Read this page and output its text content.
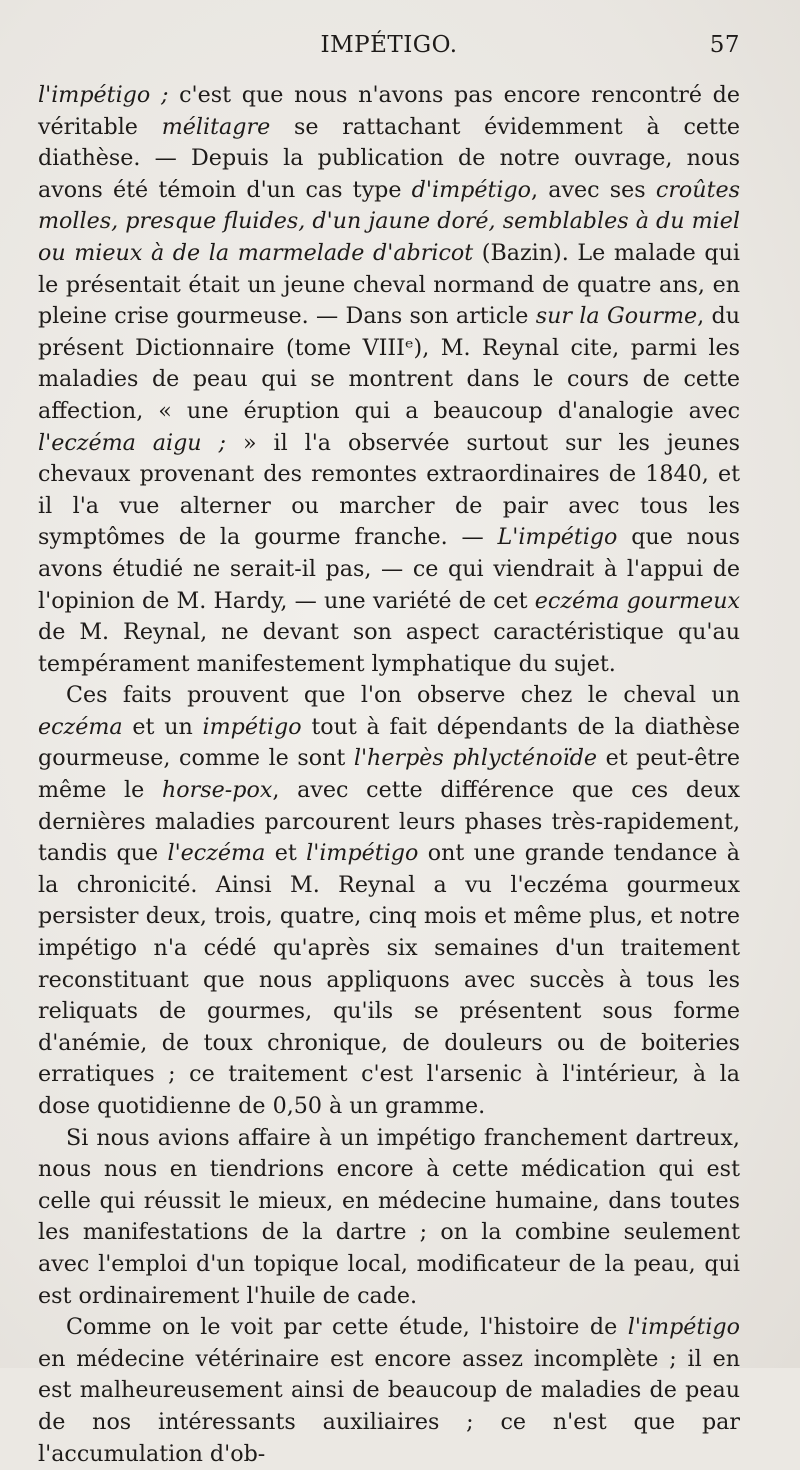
IMPÉTIGO.	57

l'impétigo ; c'est que nous n'avons pas encore rencontré de véritable mélitagre se rattachant évidemment à cette diathèse. — Depuis la publication de notre ouvrage, nous avons été témoin d'un cas type d'impétigo, avec ses croûtes molles, presque fluides, d'un jaune doré, semblables à du miel ou mieux à de la marmelade d'abricot (Bazin). Le malade qui le présentait était un jeune cheval normand de quatre ans, en pleine crise gourmeuse. — Dans son article sur la Gourme, du présent Dictionnaire (tome VIIIᵉ), M. Reynal cite, parmi les maladies de peau qui se montrent dans le cours de cette affection, « une éruption qui a beaucoup d'analogie avec l'eczéma aigu ; » il l'a observée surtout sur les jeunes chevaux provenant des remontes extraordinaires de 1840, et il l'a vue alterner ou marcher de pair avec tous les symptômes de la gourme franche. — L'impétigo que nous avons étudié ne serait-il pas, — ce qui viendrait à l'appui de l'opinion de M. Hardy, — une variété de cet eczéma gourmeux de M. Reynal, ne devant son aspect caractéristique qu'au tempérament manifestement lymphatique du sujet.

Ces faits prouvent que l'on observe chez le cheval un eczéma et un impétigo tout à fait dépendants de la diathèse gourmeuse, comme le sont l'herpès phlycténoïde et peut-être même le horse-pox, avec cette différence que ces deux dernières maladies parcourent leurs phases très-rapidement, tandis que l'eczéma et l'impétigo ont une grande tendance à la chronicité. Ainsi M. Reynal a vu l'eczéma gourmeux persister deux, trois, quatre, cinq mois et même plus, et notre impétigo n'a cédé qu'après six semaines d'un traitement reconstituant que nous appliquons avec succès à tous les reliquats de gourmes, qu'ils se présentent sous forme d'anémie, de toux chronique, de douleurs ou de boiteries erratiques ; ce traitement c'est l'arsenic à l'intérieur, à la dose quotidienne de 0,50 à un gramme.

Si nous avions affaire à un impétigo franchement dartreux, nous nous en tiendrions encore à cette médication qui est celle qui réussit le mieux, en médecine humaine, dans toutes les manifestations de la dartre ; on la combine seulement avec l'emploi d'un topique local, modificateur de la peau, qui est ordinairement l'huile de cade.

Comme on le voit par cette étude, l'histoire de l'impétigo en médecine vétérinaire est encore assez incomplète ; il en est malheureusement ainsi de beaucoup de maladies de peau de nos intéressants auxiliaires ; ce n'est que par l'accumulation d'ob-
